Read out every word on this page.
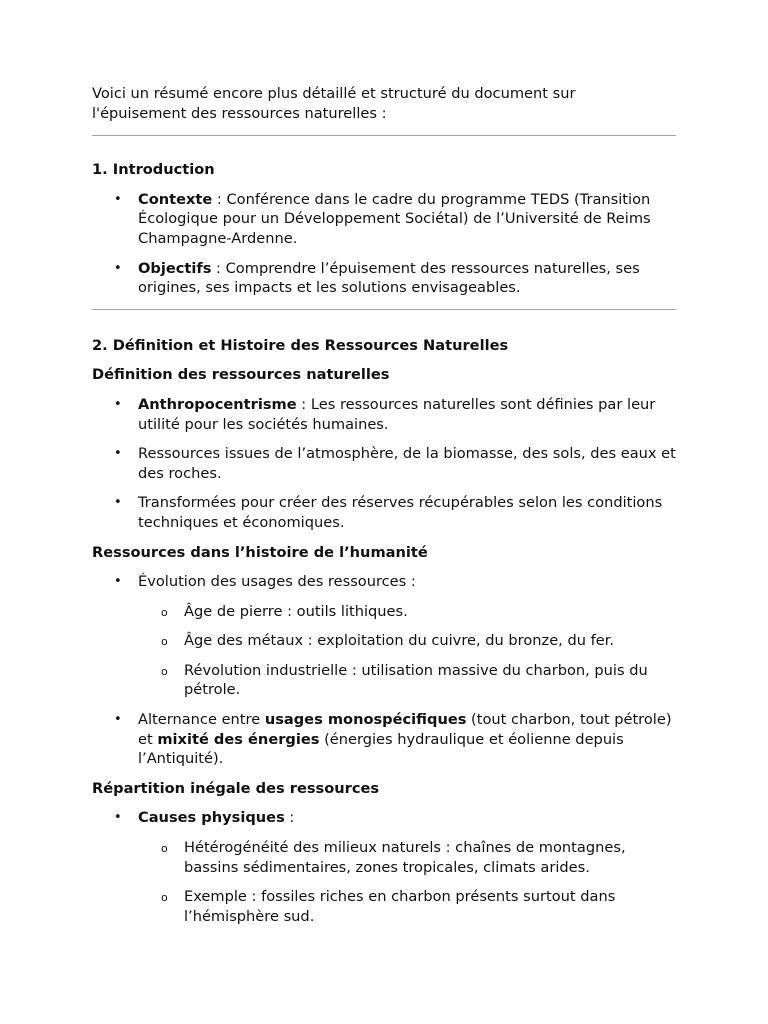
Voici un résumé encore plus détaillé et structuré du document sur l'épuisement des ressources naturelles :

1. Introduction
• Contexte : Conférence dans le cadre du programme TEDS (Transition Écologique pour un Développement Sociétal) de l’Université de Reims Champagne-Ardenne.
• Objectifs : Comprendre l’épuisement des ressources naturelles, ses origines, ses impacts et les solutions envisageables.
2. Définition et Histoire des Ressources Naturelles
Définition des ressources naturelles
• Anthropocentrisme : Les ressources naturelles sont définies par leur utilité pour les sociétés humaines.
• Ressources issues de l’atmosphère, de la biomasse, des sols, des eaux et des roches.
• Transformées pour créer des réserves récupérables selon les conditions techniques et économiques.
Ressources dans l’histoire de l’humanité
• Évolution des usages des ressources :
o Âge de pierre : outils lithiques.
o Âge des métaux : exploitation du cuivre, du bronze, du fer.
o Révolution industrielle : utilisation massive du charbon, puis du pétrole.
• Alternance entre usages monospécifiques (tout charbon, tout pétrole) et mixité des énergies (énergies hydraulique et éolienne depuis l’Antiquité).
Répartition inégale des ressources
• Causes physiques :
o Hétérogénéité des milieux naturels : chaînes de montagnes, bassins sédimentaires, zones tropicales, climats arides.
o Exemple : fossiles riches en charbon présents surtout dans l’hémisphère sud.
